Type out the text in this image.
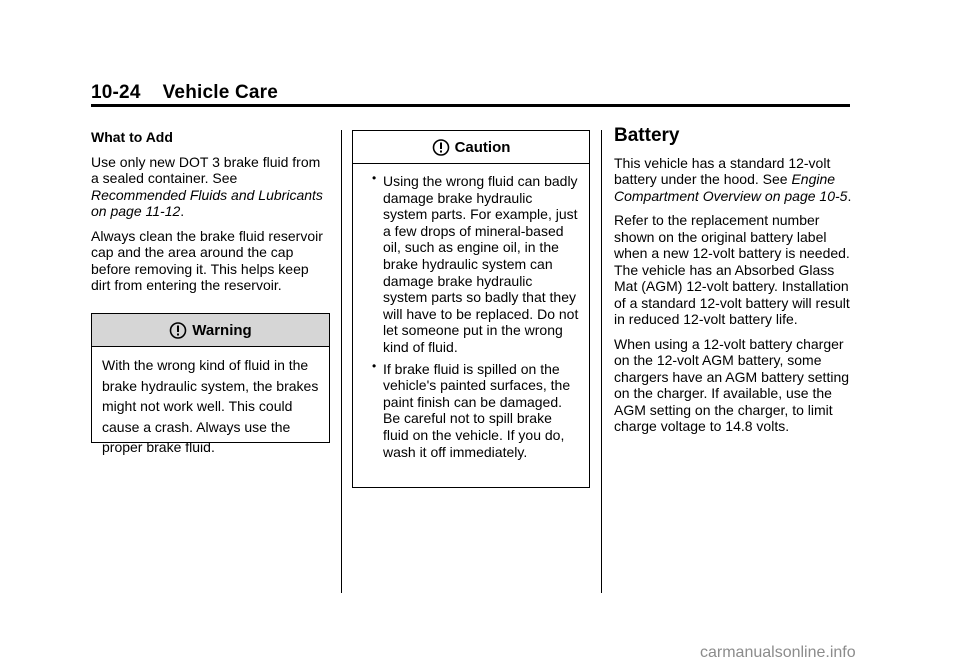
10-24 Vehicle Care

What to Add

Use only new DOT 3 brake fluid from a sealed container. See Recommended Fluids and Lubricants on page 11-12.

Always clean the brake fluid reservoir cap and the area around the cap before removing it. This helps keep dirt from entering the reservoir.

Warning
With the wrong kind of fluid in the brake hydraulic system, the brakes might not work well. This could cause a crash. Always use the proper brake fluid.
Caution
• Using the wrong fluid can badly damage brake hydraulic system parts. For example, just a few drops of mineral-based oil, such as engine oil, in the brake hydraulic system can damage brake hydraulic system parts so badly that they will have to be replaced. Do not let someone put in the wrong kind of fluid.
• If brake fluid is spilled on the vehicle's painted surfaces, the paint finish can be damaged. Be careful not to spill brake fluid on the vehicle. If you do, wash it off immediately.
Battery

This vehicle has a standard 12-volt battery under the hood. See Engine Compartment Overview on page 10-5.

Refer to the replacement number shown on the original battery label when a new 12-volt battery is needed. The vehicle has an Absorbed Glass Mat (AGM) 12-volt battery. Installation of a standard 12-volt battery will result in reduced 12-volt battery life.

When using a 12-volt battery charger on the 12-volt AGM battery, some chargers have an AGM battery setting on the charger. If available, use the AGM setting on the charger, to limit charge voltage to 14.8 volts.

carmanualsonline.info
